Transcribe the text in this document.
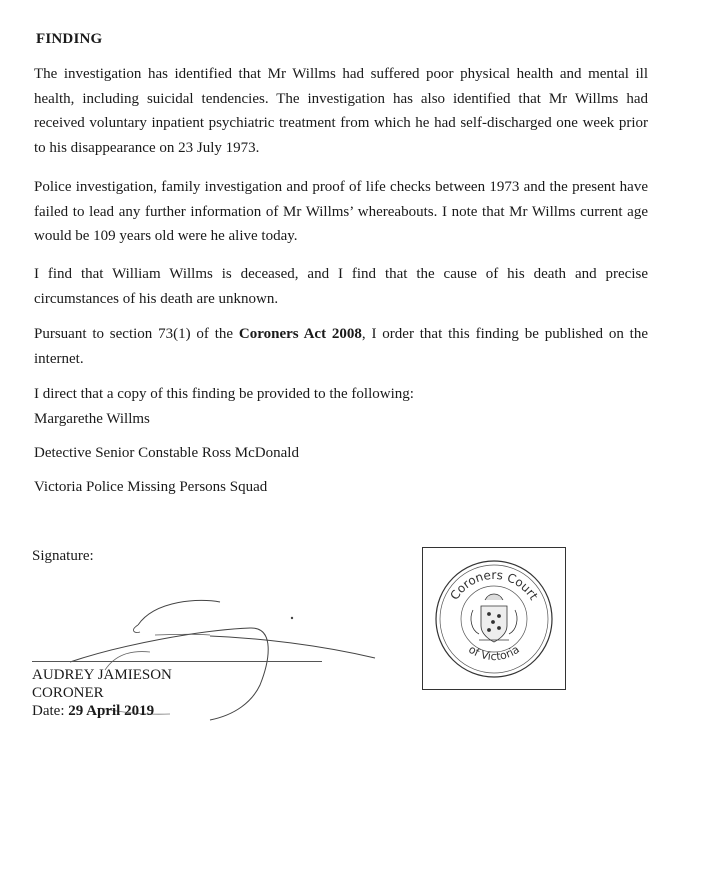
FINDING
The investigation has identified that Mr Willms had suffered poor physical health and mental ill health, including suicidal tendencies. The investigation has also identified that Mr Willms had received voluntary inpatient psychiatric treatment from which he had self-discharged one week prior to his disappearance on 23 July 1973.
Police investigation, family investigation and proof of life checks between 1973 and the present have failed to lead any further information of Mr Willms’ whereabouts. I note that Mr Willms current age would be 109 years old were he alive today.
I find that William Willms is deceased, and I find that the cause of his death and precise circumstances of his death are unknown.
Pursuant to section 73(1) of the Coroners Act 2008, I order that this finding be published on the internet.
I direct that a copy of this finding be provided to the following:
Margarethe Willms
Detective Senior Constable Ross McDonald
Victoria Police Missing Persons Squad
Signature:
AUDREY JAMIESON
CORONER
Date: 29 April 2019
Coroners Court
of Victoria
